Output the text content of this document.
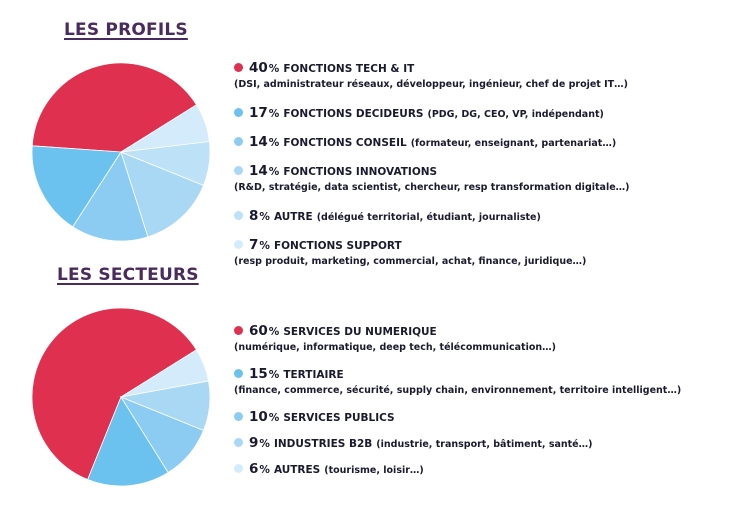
LES PROFILS
40 % FONCTIONS TECH & IT
(DSI, administrateur réseaux, développeur, ingénieur, chef de projet IT…)
17 % FONCTIONS DECIDEURS (PDG, DG, CEO, VP, indépendant)
14 % FONCTIONS CONSEIL (formateur, enseignant, partenariat…)
14 % FONCTIONS INNOVATIONS
(R&D, stratégie, data scientist, chercheur, resp transformation digitale…)
8 % AUTRE (délégué territorial, étudiant, journaliste)
7 % FONCTIONS SUPPORT
(resp produit, marketing, commercial, achat, finance, juridique…)
LES SECTEURS
60 % SERVICES DU NUMERIQUE
(numérique, informatique, deep tech, télécommunication…)
15 % TERTIAIRE
(finance, commerce, sécurité, supply chain, environnement, territoire intelligent…)
10 % SERVICES PUBLICS
9 % INDUSTRIES B2B (industrie, transport, bâtiment, santé…)
6 % AUTRES (tourisme, loisir…)
